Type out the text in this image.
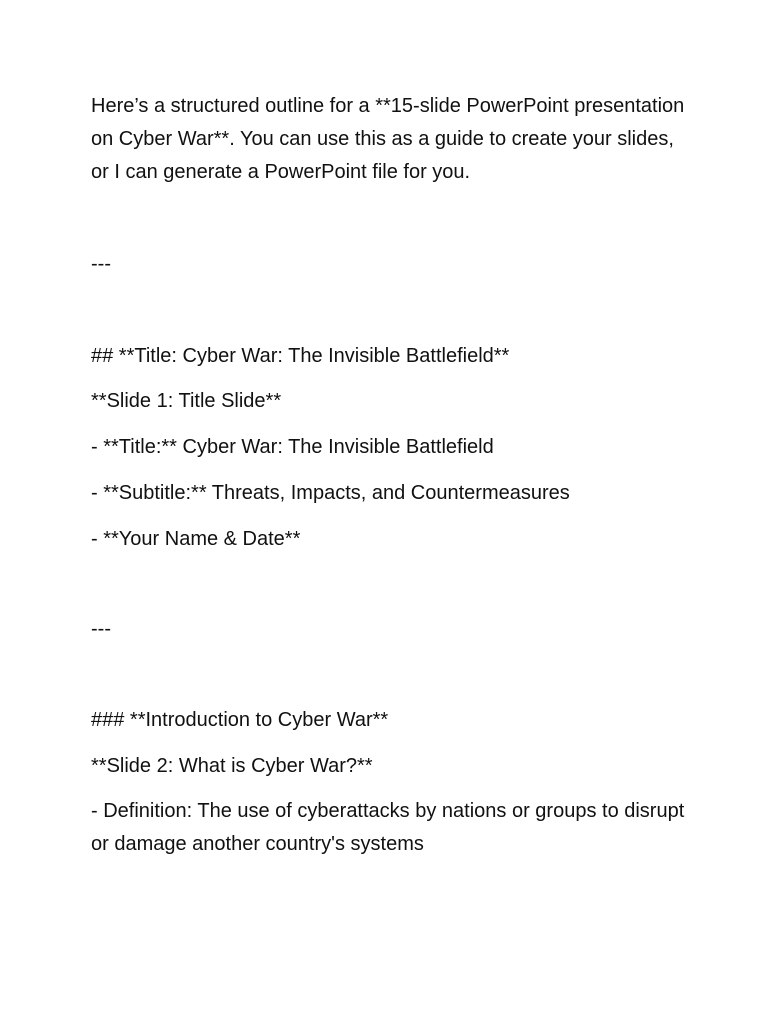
Here’s a structured outline for a **15-slide PowerPoint presentation on Cyber War**. You can use this as a guide to create your slides, or I can generate a PowerPoint file for you.

---

## **Title: Cyber War: The Invisible Battlefield**

**Slide 1: Title Slide**

- **Title:** Cyber War: The Invisible Battlefield

- **Subtitle:** Threats, Impacts, and Countermeasures

- **Your Name & Date**

---

### **Introduction to Cyber War**

**Slide 2: What is Cyber War?**

- Definition: The use of cyberattacks by nations or groups to disrupt or damage another country's systems
